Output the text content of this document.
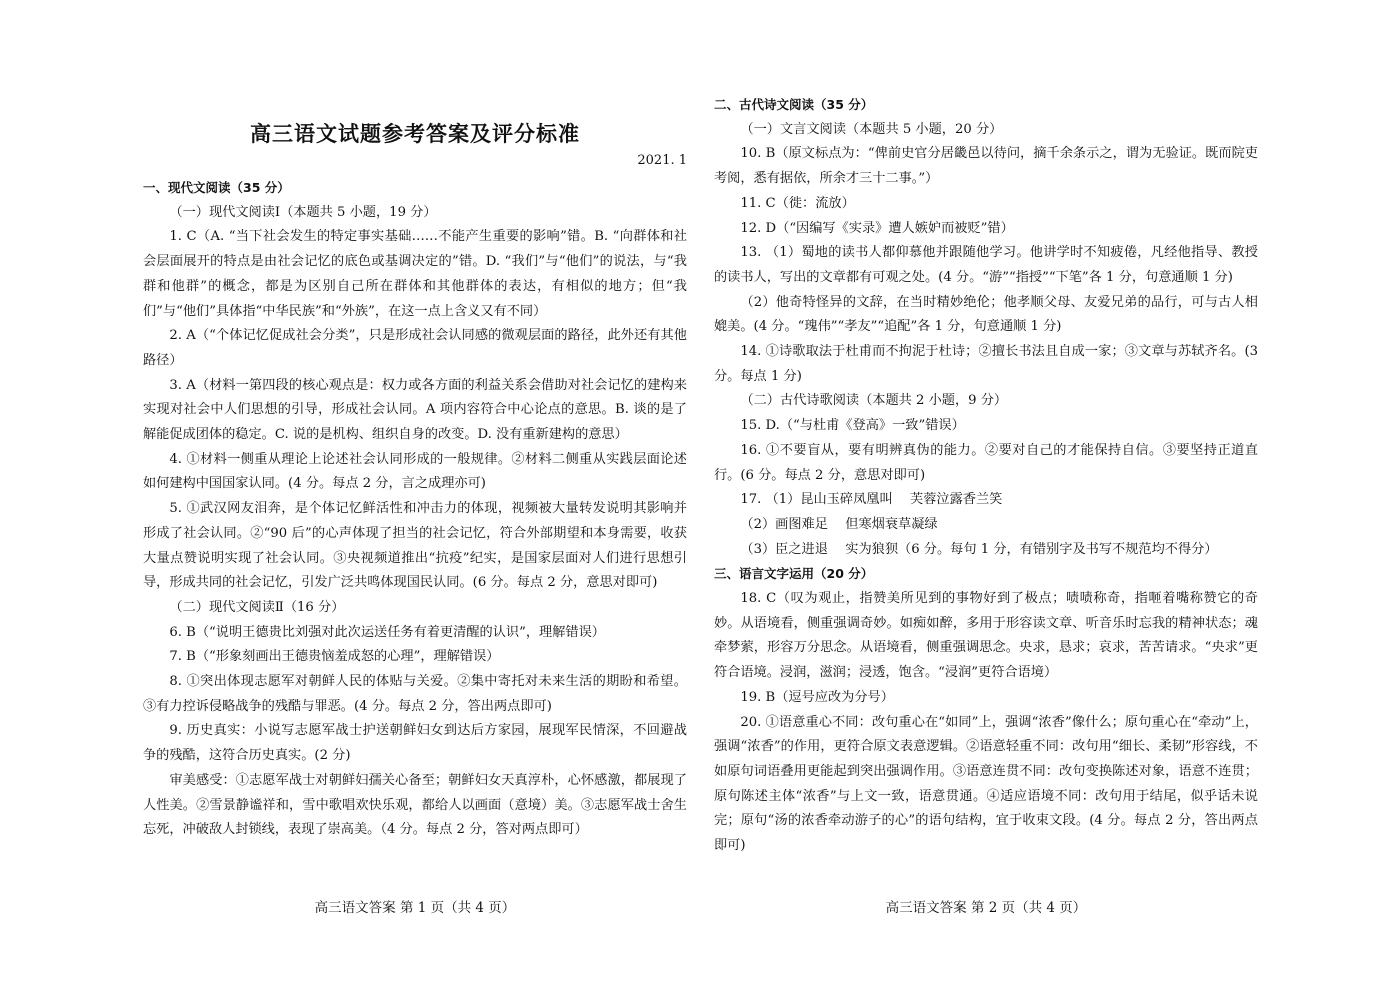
高三语文试题参考答案及评分标准
2021. 1

一、现代文阅读（35 分）

（一）现代文阅读Ⅰ（本题共 5 小题，19 分）

1. C（A. “当下社会发生的特定事实基础……不能产生重要的影响”错。B. “向群体和社会层面展开的特点是由社会记忆的底色或基调决定的”错。D. “我们”与“他们”的说法，与“我群和他群”的概念，都是为区别自己所在群体和其他群体的表达，有相似的地方；但“我们”与“他们”具体指“中华民族”和“外族”，在这一点上含义又有不同）

2. A（“个体记忆促成社会分类”，只是形成社会认同感的微观层面的路径，此外还有其他路径）

3. A（材料一第四段的核心观点是：权力或各方面的利益关系会借助对社会记忆的建构来实现对社会中人们思想的引导，形成社会认同。A 项内容符合中心论点的意思。B. 谈的是了解能促成团体的稳定。C. 说的是机构、组织自身的改变。D. 没有重新建构的意思）

4. ①材料一侧重从理论上论述社会认同形成的一般规律。②材料二侧重从实践层面论述如何建构中国国家认同。(4 分。每点 2 分，言之成理亦可)

5. ①武汉网友泪奔，是个体记忆鲜活性和冲击力的体现，视频被大量转发说明其影响并形成了社会认同。②“90 后”的心声体现了担当的社会记忆，符合外部期望和本身需要，收获大量点赞说明实现了社会认同。③央视频道推出“抗疫”纪实，是国家层面对人们进行思想引导，形成共同的社会记忆，引发广泛共鸣体现国民认同。(6 分。每点 2 分，意思对即可)

（二）现代文阅读Ⅱ（16 分）

6. B（“说明王德贵比刘强对此次运送任务有着更清醒的认识”，理解错误）

7. B（“形象刻画出王德贵恼羞成怒的心理”，理解错误）

8. ①突出体现志愿军对朝鲜人民的体贴与关爱。②集中寄托对未来生活的期盼和希望。③有力控诉侵略战争的残酷与罪恶。(4 分。每点 2 分，答出两点即可)

9. 历史真实：小说写志愿军战士护送朝鲜妇女到达后方家园，展现军民情深，不回避战争的残酷，这符合历史真实。(2 分)

审美感受：①志愿军战士对朝鲜妇孺关心备至；朝鲜妇女天真淳朴，心怀感激，都展现了人性美。②雪景静谧祥和，雪中歌唱欢快乐观，都给人以画面（意境）美。③志愿军战士舍生忘死，冲破敌人封锁线，表现了崇高美。（4 分。每点 2 分，答对两点即可）

高三语文答案 第 1 页（共 4 页）

二、古代诗文阅读（35 分）

（一）文言文阅读（本题共 5 小题，20 分）

10. B（原文标点为：“俾前史官分居畿邑以待问，摘千余条示之，谓为无验证。既而院吏考阅，悉有据依，所余才三十二事。”）

11. C（徙：流放）

12. D（“因编写《实录》遭人嫉妒而被贬”错）

13. （1）蜀地的读书人都仰慕他并跟随他学习。他讲学时不知疲倦，凡经他指导、教授的读书人，写出的文章都有可观之处。(4 分。“游”“指授”“下笔”各 1 分，句意通顺 1 分)

（2）他奇特怪异的文辞，在当时精妙绝伦；他孝顺父母、友爱兄弟的品行，可与古人相媲美。(4 分。“瑰伟”“孝友”“追配”各 1 分，句意通顺 1 分)

14. ①诗歌取法于杜甫而不拘泥于杜诗；②擅长书法且自成一家；③文章与苏轼齐名。(3 分。每点 1 分)

（二）古代诗歌阅读（本题共 2 小题，9 分）

15. D.（“与杜甫《登高》一致”错误）

16. ①不要盲从，要有明辨真伪的能力。②要对自己的才能保持自信。③要坚持正道直行。(6 分。每点 2 分，意思对即可)

17. （1）昆山玉碎凤凰叫　 芙蓉泣露香兰笑

（2）画图难足　 但寒烟衰草凝绿

（3）臣之进退　 实为狼狈（6 分。每句 1 分，有错别字及书写不规范均不得分）

三、语言文字运用（20 分）

18. C（叹为观止，指赞美所见到的事物好到了极点；啧啧称奇，指咂着嘴称赞它的奇妙。从语境看，侧重强调奇妙。如痴如醉，多用于形容读文章、听音乐时忘我的精神状态；魂牵梦萦，形容万分思念。从语境看，侧重强调思念。央求，恳求；哀求，苦苦请求。“央求”更符合语境。浸润，滋润；浸透，饱含。“浸润”更符合语境）

19. B（逗号应改为分号）

20. ①语意重心不同：改句重心在“如同”上，强调“浓香”像什么；原句重心在“牵动”上，强调“浓香”的作用，更符合原文表意逻辑。②语意轻重不同：改句用“细长、柔韧”形容线，不如原句词语叠用更能起到突出强调作用。③语意连贯不同：改句变换陈述对象，语意不连贯；原句陈述主体“浓香”与上文一致，语意贯通。④适应语境不同：改句用于结尾，似乎话未说完；原句“汤的浓香牵动游子的心”的语句结构，宜于收束文段。(4 分。每点 2 分，答出两点即可)

高三语文答案 第 2 页（共 4 页）
